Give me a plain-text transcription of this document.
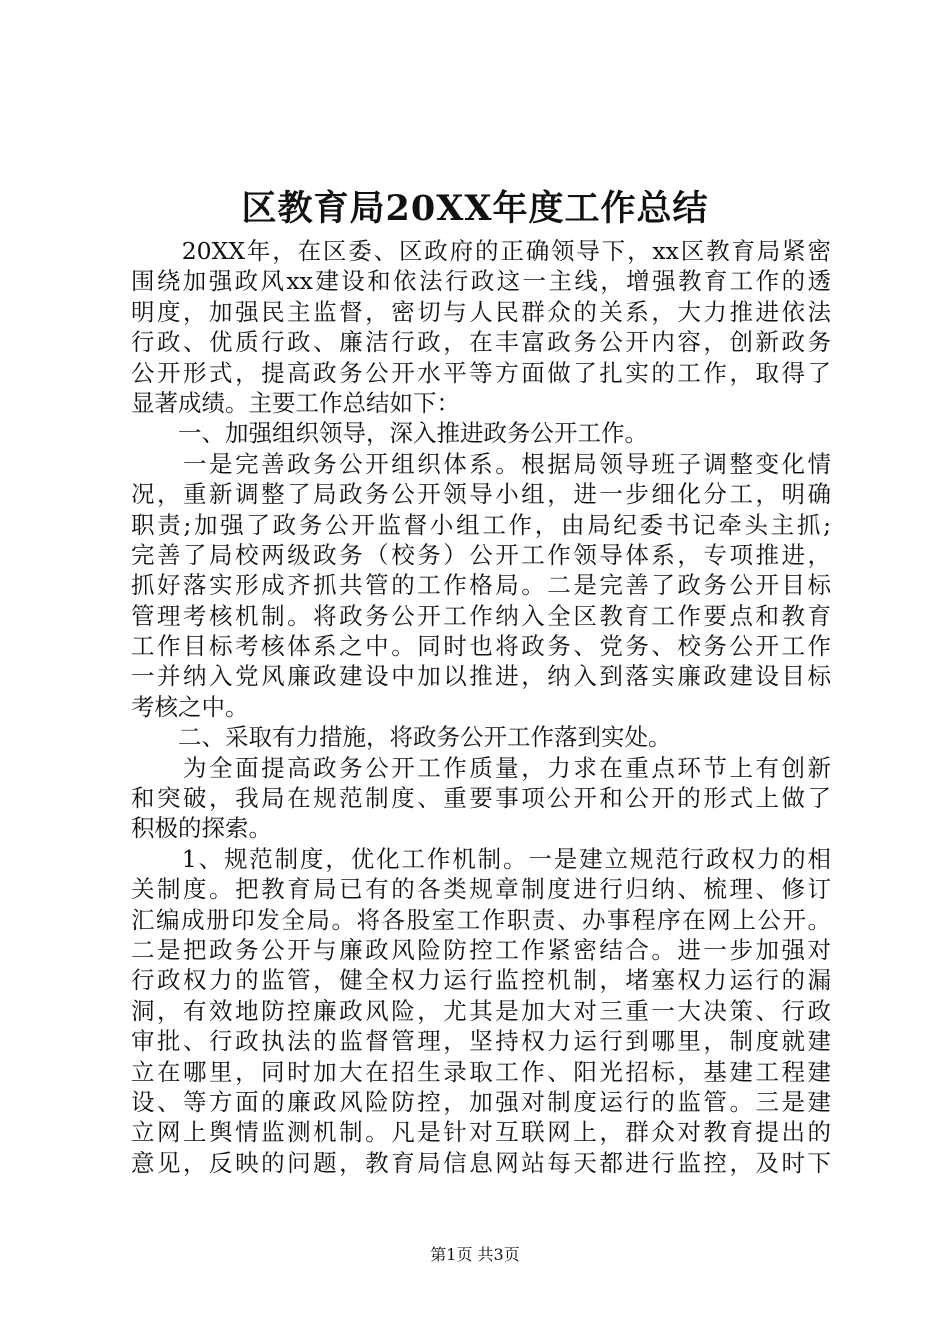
区教育局20XX年度工作总结
　　20XX年，在区委、区政府的正确领导下，xx区教育局紧密
围绕加强政风xx建设和依法行政这一主线，增强教育工作的透
明度，加强民主监督，密切与人民群众的关系，大力推进依法
行政、优质行政、廉洁行政，在丰富政务公开内容，创新政务
公开形式，提高政务公开水平等方面做了扎实的工作，取得了
显著成绩。主要工作总结如下：
　　一、加强组织领导，深入推进政务公开工作。
　　一是完善政务公开组织体系。根据局领导班子调整变化情
况，重新调整了局政务公开领导小组，进一步细化分工，明确
职责;加强了政务公开监督小组工作，由局纪委书记牵头主抓;
完善了局校两级政务（校务）公开工作领导体系，专项推进，
抓好落实形成齐抓共管的工作格局。二是完善了政务公开目标
管理考核机制。将政务公开工作纳入全区教育工作要点和教育
工作目标考核体系之中。同时也将政务、党务、校务公开工作
一并纳入党风廉政建设中加以推进，纳入到落实廉政建设目标
考核之中。
　　二、采取有力措施，将政务公开工作落到实处。
　　为全面提高政务公开工作质量，力求在重点环节上有创新
和突破，我局在规范制度、重要事项公开和公开的形式上做了
积极的探索。
　　1、规范制度，优化工作机制。一是建立规范行政权力的相
关制度。把教育局已有的各类规章制度进行归纳、梳理、修订
汇编成册印发全局。将各股室工作职责、办事程序在网上公开。
二是把政务公开与廉政风险防控工作紧密结合。进一步加强对
行政权力的监管，健全权力运行监控机制，堵塞权力运行的漏
洞，有效地防控廉政风险，尤其是加大对三重一大决策、行政
审批、行政执法的监督管理，坚持权力运行到哪里，制度就建
立在哪里，同时加大在招生录取工作、阳光招标，基建工程建
设、等方面的廉政风险防控，加强对制度运行的监管。三是建
立网上舆情监测机制。凡是针对互联网上，群众对教育提出的
意见，反映的问题，教育局信息网站每天都进行监控，及时下
第1页 共3页
